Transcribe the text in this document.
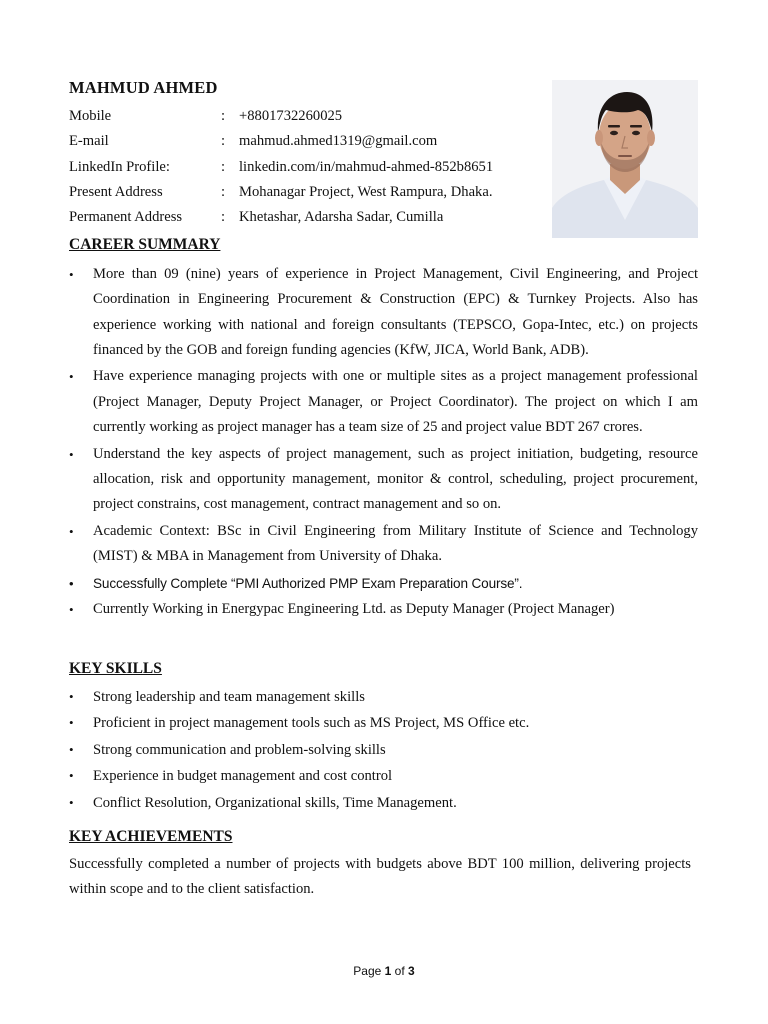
MAHMUD AHMED
Mobile	: +8801732260025
E-mail	: mahmud.ahmed1319@gmail.com
LinkedIn Profile:	: linkedin.com/in/mahmud-ahmed-852b8651
Present Address	: Mohanagar Project, West Rampura, Dhaka.
Permanent Address	: Khetashar, Adarsha Sadar, Cumilla
CAREER SUMMARY
• More than 09 (nine) years of experience in Project Management, Civil Engineering, and Project Coordination in Engineering Procurement & Construction (EPC) & Turnkey Projects. Also has experience working with national and foreign consultants (TEPSCO, Gopa-Intec, etc.) on projects financed by the GOB and foreign funding agencies (KfW, JICA, World Bank, ADB).
• Have experience managing projects with one or multiple sites as a project management professional (Project Manager, Deputy Project Manager, or Project Coordinator). The project on which I am currently working as project manager has a team size of 25 and project value BDT 267 crores.
• Understand the key aspects of project management, such as project initiation, budgeting, resource allocation, risk and opportunity management, monitor & control, scheduling, project procurement, project constrains, cost management, contract management and so on.
• Academic Context: BSc in Civil Engineering from Military Institute of Science and Technology (MIST) & MBA in Management from University of Dhaka.
• Successfully Complete “PMI Authorized PMP Exam Preparation Course”.
• Currently Working in Energypac Engineering Ltd. as Deputy Manager (Project Manager)
KEY SKILLS
• Strong leadership and team management skills
• Proficient in project management tools such as MS Project, MS Office etc.
• Strong communication and problem-solving skills
• Experience in budget management and cost control
• Conflict Resolution, Organizational skills, Time Management.
KEY ACHIEVEMENTS

Successfully completed a number of projects with budgets above BDT 100 million, delivering projects within scope and to the client satisfaction.

Page 1 of 3
